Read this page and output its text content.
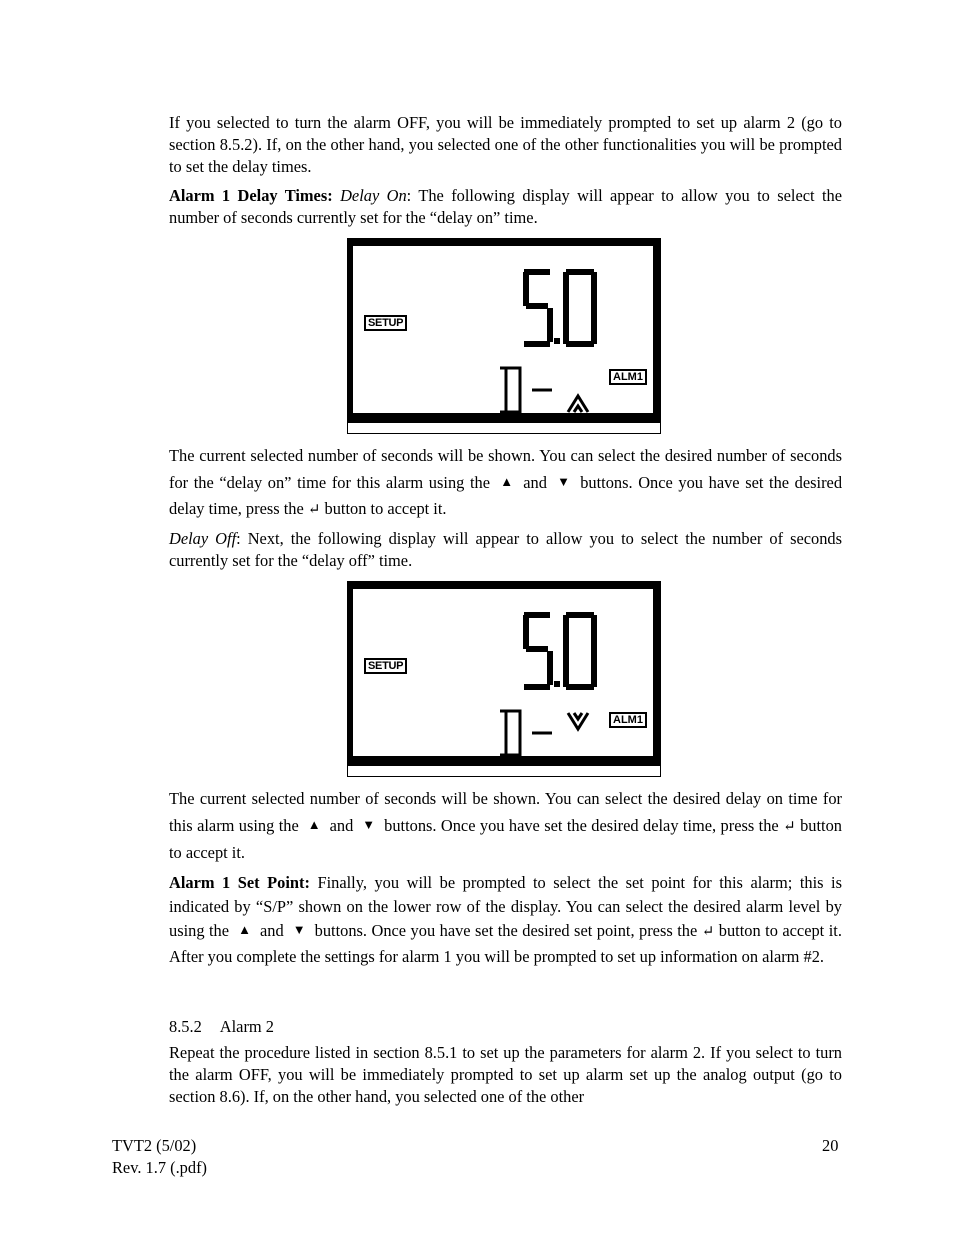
If you selected to turn the alarm OFF, you will be immediately prompted to set up alarm 2 (go to section 8.5.2). If, on the other hand, you selected one of the other functionalities you will be prompted to set the delay times.

Alarm 1 Delay Times: Delay On: The following display will appear to allow you to select the number of seconds currently set for the “delay on” time.

SETUP
ALM1

The current selected number of seconds will be shown. You can select the desired number of seconds for the “delay on” time for this alarm using the ▲ and ▼ buttons. Once you have set the desired delay time, press the ↵ button to accept it.

Delay Off: Next, the following display will appear to allow you to select the number of seconds currently set for the “delay off” time.

SETUP
ALM1

The current selected number of seconds will be shown. You can select the desired delay on time for this alarm using the ▲ and ▼ buttons. Once you have set the desired delay time, press the ↵ button to accept it.

Alarm 1 Set Point: Finally, you will be prompted to select the set point for this alarm; this is indicated by “S/P” shown on the lower row of the display. You can select the desired alarm level by using the ▲ and ▼ buttons. Once you have set the desired set point, press the ↵ button to accept it. After you complete the settings for alarm 1 you will be prompted to set up information on alarm #2.

8.5.2 Alarm 2

Repeat the procedure listed in section 8.5.1 to set up the parameters for alarm 2. If you select to turn the alarm OFF, you will be immediately prompted to set up alarm set up the analog output (go to section 8.6). If, on the other hand, you selected one of the other

TVT2 (5/02)

Rev. 1.7 (.pdf)

20
